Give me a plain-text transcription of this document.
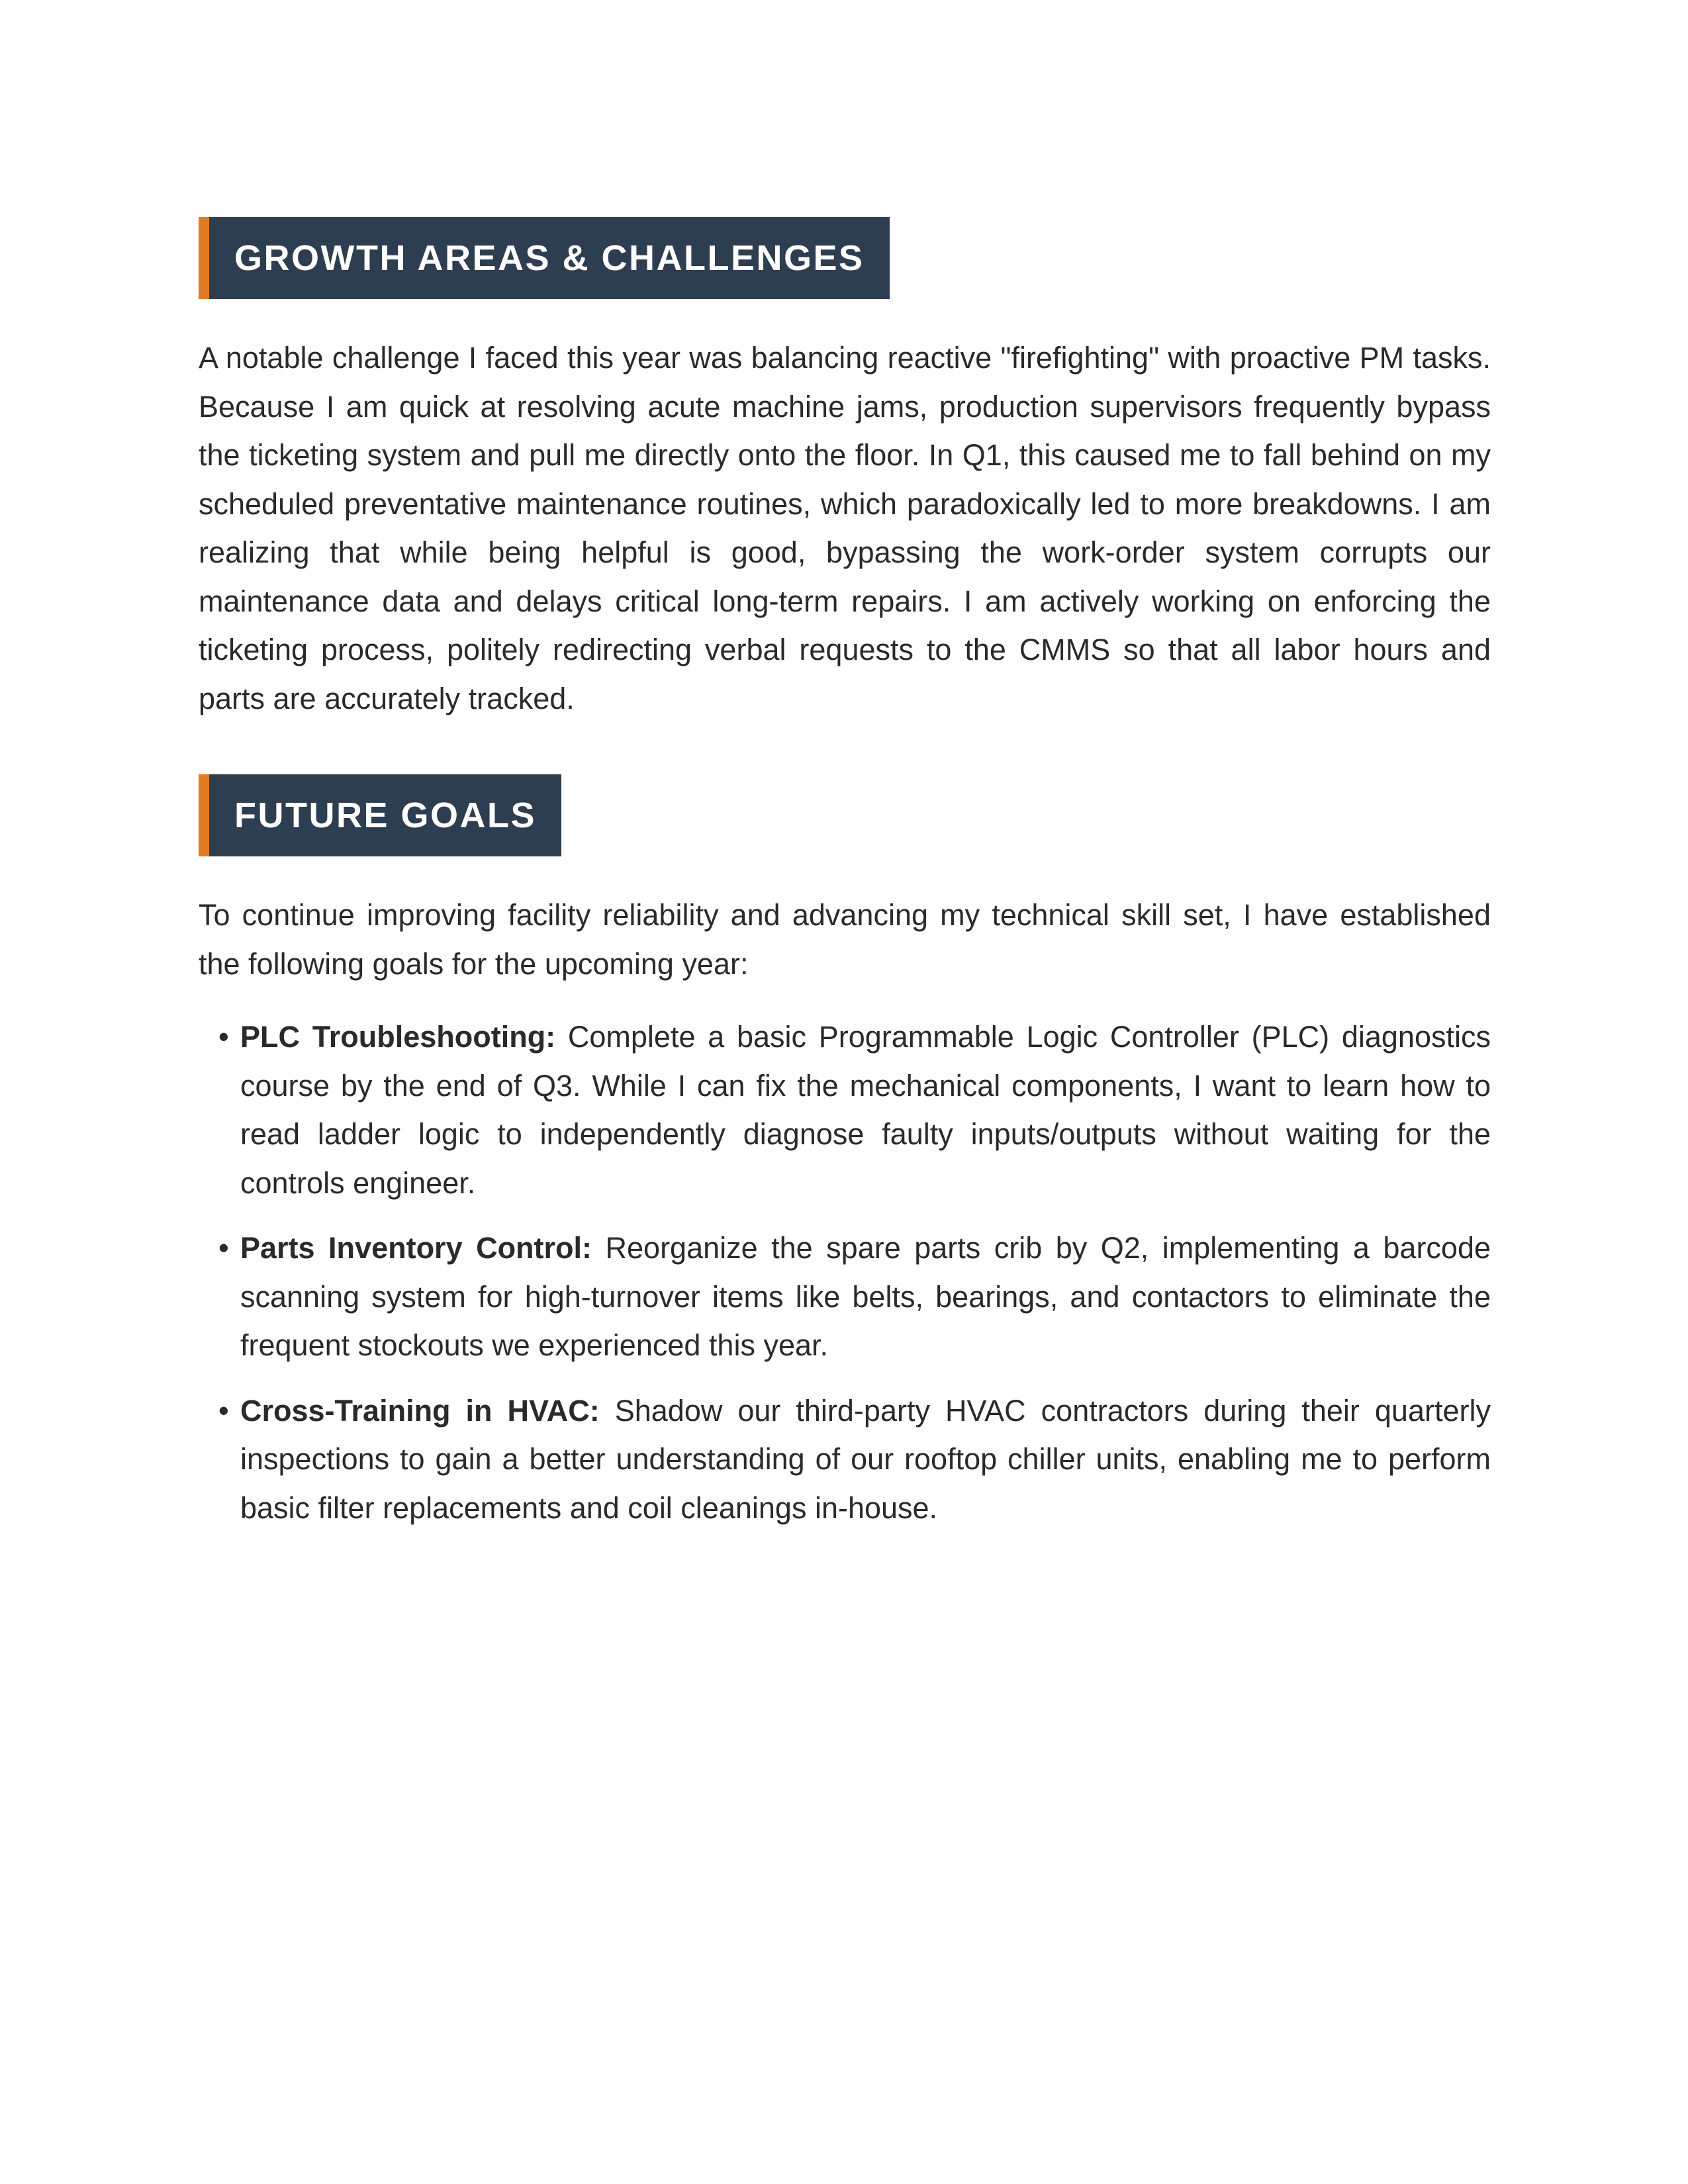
GROWTH AREAS & CHALLENGES

A notable challenge I faced this year was balancing reactive "firefighting" with proactive PM tasks. Because I am quick at resolving acute machine jams, production supervisors frequently bypass the ticketing system and pull me directly onto the floor. In Q1, this caused me to fall behind on my scheduled preventative maintenance routines, which paradoxically led to more breakdowns. I am realizing that while being helpful is good, bypassing the work-order system corrupts our maintenance data and delays critical long-term repairs. I am actively working on enforcing the ticketing process, politely redirecting verbal requests to the CMMS so that all labor hours and parts are accurately tracked.

FUTURE GOALS

To continue improving facility reliability and advancing my technical skill set, I have established the following goals for the upcoming year:

• PLC Troubleshooting: Complete a basic Programmable Logic Controller (PLC) diagnostics course by the end of Q3. While I can fix the mechanical components, I want to learn how to read ladder logic to independently diagnose faulty inputs/outputs without waiting for the controls engineer.
• Parts Inventory Control: Reorganize the spare parts crib by Q2, implementing a barcode scanning system for high-turnover items like belts, bearings, and contactors to eliminate the frequent stockouts we experienced this year.
• Cross-Training in HVAC: Shadow our third-party HVAC contractors during their quarterly inspections to gain a better understanding of our rooftop chiller units, enabling me to perform basic filter replacements and coil cleanings in-house.
